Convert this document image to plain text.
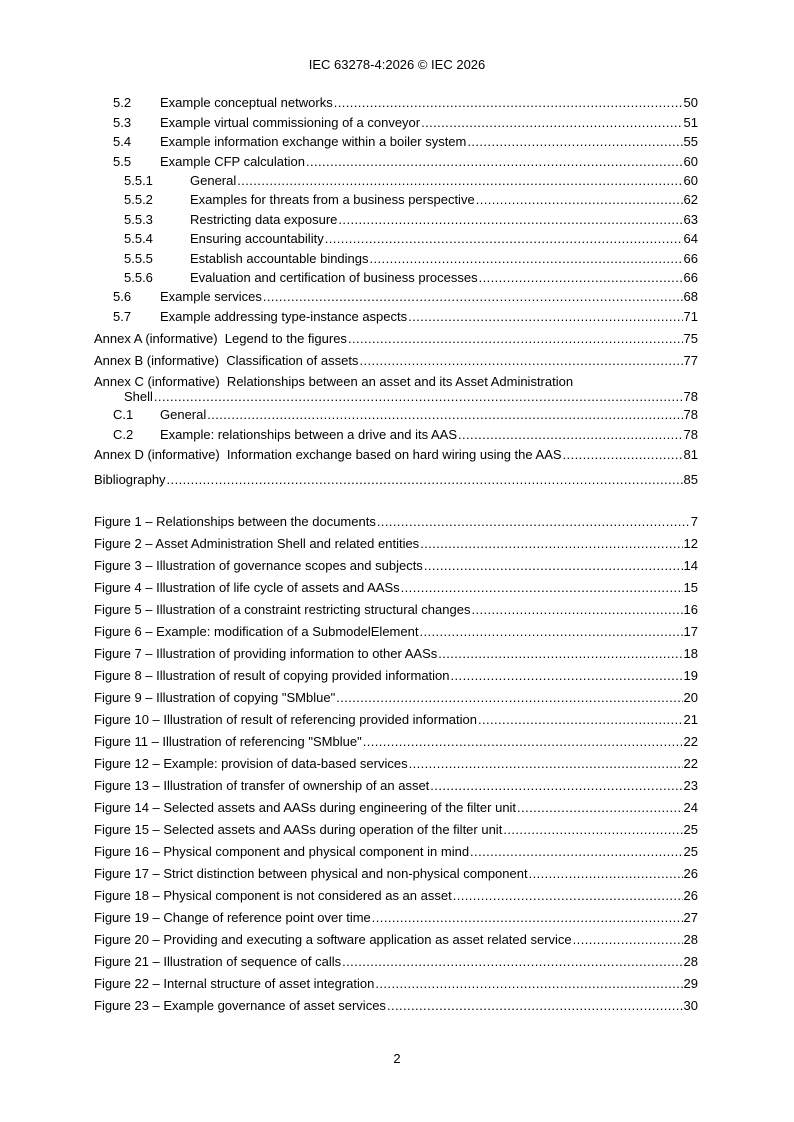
IEC 63278-4:2026 © IEC 2026
5.2	Example conceptual networks .....	50
5.3	Example virtual commissioning of a conveyor .....	51
5.4	Example information exchange within a boiler system .....	55
5.5	Example CFP calculation .....	60
5.5.1	General .....	60
5.5.2	Examples for threats from a business perspective .....	62
5.5.3	Restricting data exposure .....	63
5.5.4	Ensuring accountability .....	64
5.5.5	Establish accountable bindings .....	66
5.5.6	Evaluation and certification of business processes .....	66
5.6	Example services .....	68
5.7	Example addressing type-instance aspects .....	71
Annex A (informative)  Legend to the figures .....	75
Annex B (informative)  Classification of assets .....	77
Annex C (informative)  Relationships between an asset and its Asset Administration
Shell .....	78
C.1	General .....	78
C.2	Example: relationships between a drive and its AAS .....	78
Annex D (informative)  Information exchange based on hard wiring using the AAS .....	81
Bibliography .....	85
Figure 1 – Relationships between the documents .....	7
Figure 2 – Asset Administration Shell and related entities .....	12
Figure 3 – Illustration of governance scopes and subjects .....	14
Figure 4 – Illustration of life cycle of assets and AASs .....	15
Figure 5 – Illustration of a constraint restricting structural changes .....	16
Figure 6 – Example: modification of a SubmodelElement .....	17
Figure 7 – Illustration of providing information to other AASs .....	18
Figure 8 – Illustration of result of copying provided information .....	19
Figure 9 – Illustration of copying "SMblue" .....	20
Figure 10 – Illustration of result of referencing provided information .....	21
Figure 11 – Illustration of referencing "SMblue" .....	22
Figure 12 – Example: provision of data-based services .....	22
Figure 13 – Illustration of transfer of ownership of an asset .....	23
Figure 14 – Selected assets and AASs during engineering of the filter unit .....	24
Figure 15 – Selected assets and AASs during operation of the filter unit .....	25
Figure 16 – Physical component and physical component in mind .....	25
Figure 17 – Strict distinction between physical and non-physical component .....	26
Figure 18 – Physical component is not considered as an asset .....	26
Figure 19 – Change of reference point over time .....	27
Figure 20 – Providing and executing a software application as asset related service .....	28
Figure 21 – Illustration of sequence of calls .....	28
Figure 22 – Internal structure of asset integration .....	29
Figure 23 – Example governance of asset services .....	30
2
